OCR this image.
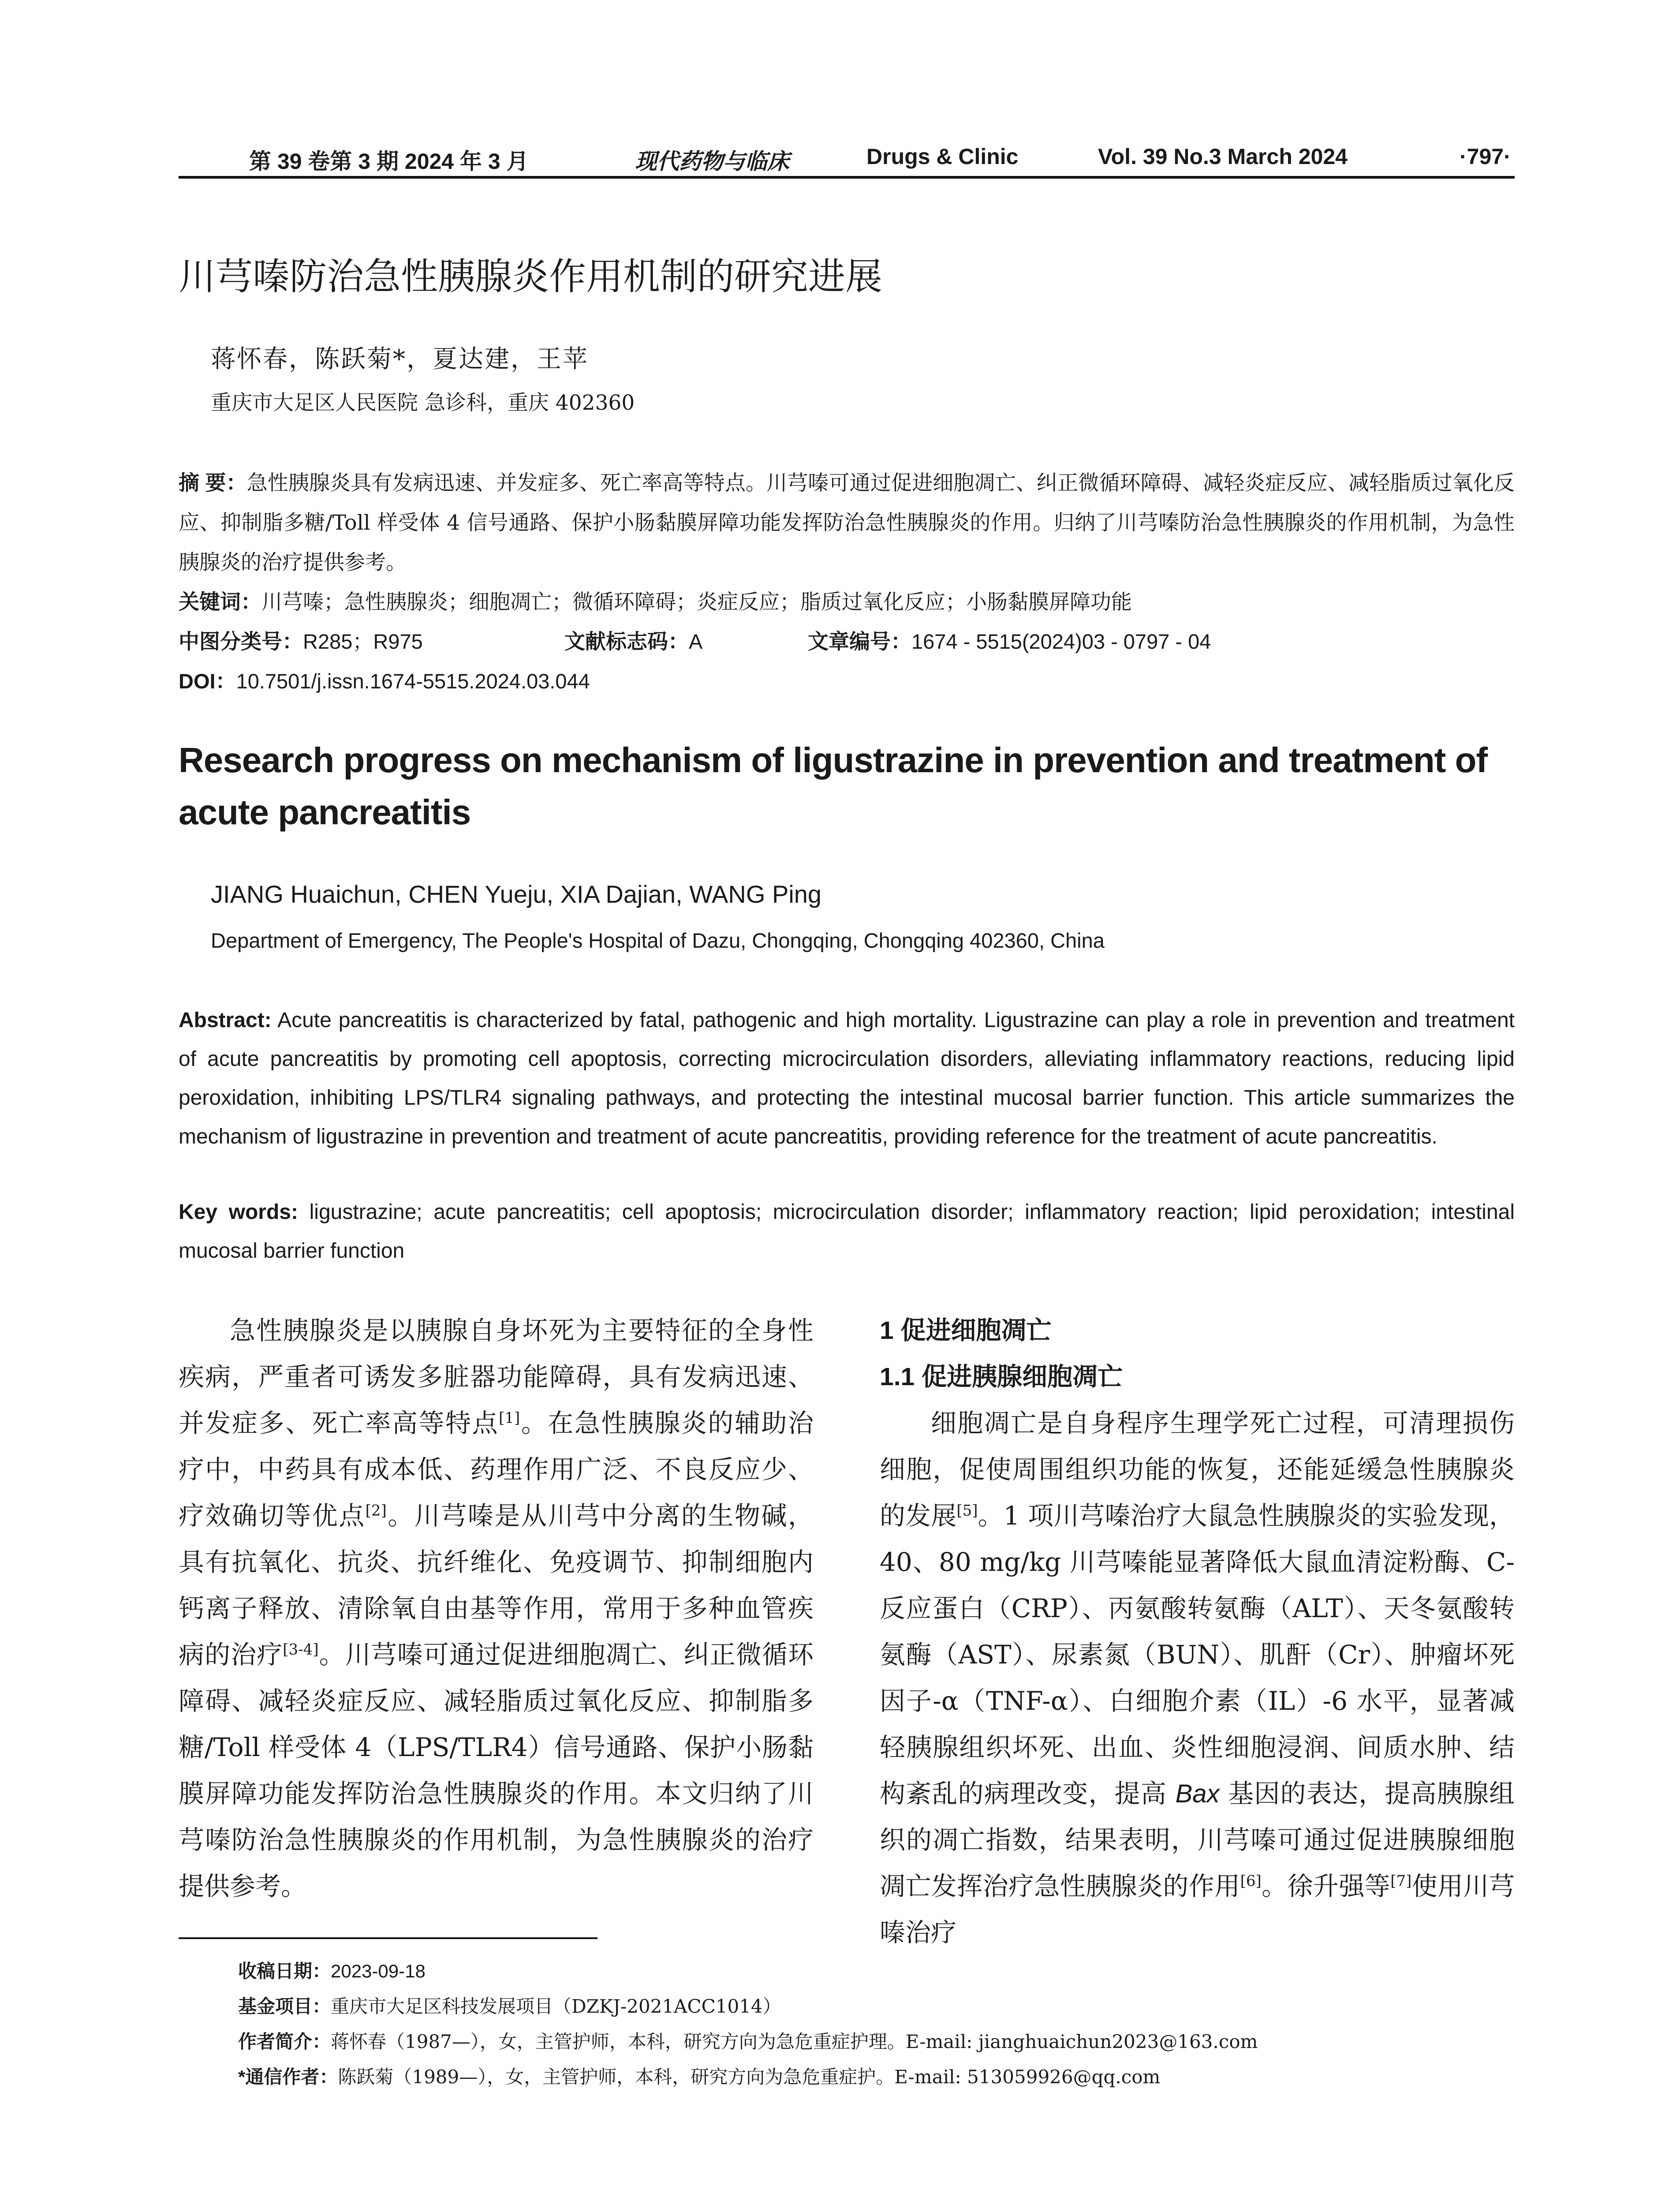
第 39 卷第 3 期 2024 年 3 月	现代药物与临床	Drugs & Clinic	Vol. 39 No.3 March 2024	·797·
川芎嗪防治急性胰腺炎作用机制的研究进展
蒋怀春，陈跃菊*，夏达建，王苹
重庆市大足区人民医院 急诊科，重庆 402360
摘 要：急性胰腺炎具有发病迅速、并发症多、死亡率高等特点。川芎嗪可通过促进细胞凋亡、纠正微循环障碍、减轻炎症反应、减轻脂质过氧化反应、抑制脂多糖/Toll 样受体 4 信号通路、保护小肠黏膜屏障功能发挥防治急性胰腺炎的作用。归纳了川芎嗪防治急性胰腺炎的作用机制，为急性胰腺炎的治疗提供参考。
关键词：川芎嗪；急性胰腺炎；细胞凋亡；微循环障碍；炎症反应；脂质过氧化反应；小肠黏膜屏障功能
中图分类号：R285；R975	文献标志码：A	文章编号：1674 - 5515(2024)03 - 0797 - 04
DOI：10.7501/j.issn.1674-5515.2024.03.044
Research progress on mechanism of ligustrazine in prevention and treatment of acute pancreatitis
JIANG Huaichun, CHEN Yueju, XIA Dajian, WANG Ping
Department of Emergency, The People's Hospital of Dazu, Chongqing, Chongqing 402360, China
Abstract: Acute pancreatitis is characterized by fatal, pathogenic and high mortality. Ligustrazine can play a role in prevention and treatment of acute pancreatitis by promoting cell apoptosis, correcting microcirculation disorders, alleviating inflammatory reactions, reducing lipid peroxidation, inhibiting LPS/TLR4 signaling pathways, and protecting the intestinal mucosal barrier function. This article summarizes the mechanism of ligustrazine in prevention and treatment of acute pancreatitis, providing reference for the treatment of acute pancreatitis.
Key words: ligustrazine; acute pancreatitis; cell apoptosis; microcirculation disorder; inflammatory reaction; lipid peroxidation; intestinal mucosal barrier function

急性胰腺炎是以胰腺自身坏死为主要特征的全身性疾病，严重者可诱发多脏器功能障碍，具有发病迅速、并发症多、死亡率高等特点[1]。在急性胰腺炎的辅助治疗中，中药具有成本低、药理作用广泛、不良反应少、疗效确切等优点[2]。川芎嗪是从川芎中分离的生物碱，具有抗氧化、抗炎、抗纤维化、免疫调节、抑制细胞内钙离子释放、清除氧自由基等作用，常用于多种血管疾病的治疗[3-4]。川芎嗪可通过促进细胞凋亡、纠正微循环障碍、减轻炎症反应、减轻脂质过氧化反应、抑制脂多糖/Toll 样受体 4（LPS/TLR4）信号通路、保护小肠黏膜屏障功能发挥防治急性胰腺炎的作用。本文归纳了川芎嗪防治急性胰腺炎的作用机制，为急性胰腺炎的治疗提供参考。

1 促进细胞凋亡
1.1 促进胰腺细胞凋亡

细胞凋亡是自身程序生理学死亡过程，可清理损伤细胞，促使周围组织功能的恢复，还能延缓急性胰腺炎的发展[5]。1 项川芎嗪治疗大鼠急性胰腺炎的实验发现，40、80 mg/kg 川芎嗪能显著降低大鼠血清淀粉酶、C-反应蛋白（CRP）、丙氨酸转氨酶（ALT）、天冬氨酸转氨酶（AST）、尿素氮（BUN）、肌酐（Cr）、肿瘤坏死因子-α（TNF-α）、白细胞介素（IL）-6 水平，显著减轻胰腺组织坏死、出血、炎性细胞浸润、间质水肿、结构紊乱的病理改变，提高 Bax 基因的表达，提高胰腺组织的凋亡指数，结果表明，川芎嗪可通过促进胰腺细胞凋亡发挥治疗急性胰腺炎的作用[6]。徐升强等[7]使用川芎嗪治疗

收稿日期：2023-09-18
基金项目：重庆市大足区科技发展项目（DZKJ-2021ACC1014）
作者简介：蒋怀春（1987—），女，主管护师，本科，研究方向为急危重症护理。E-mail: jianghuaichun2023@163.com
*通信作者：陈跃菊（1989—），女，主管护师，本科，研究方向为急危重症护。E-mail: 513059926@qq.com
